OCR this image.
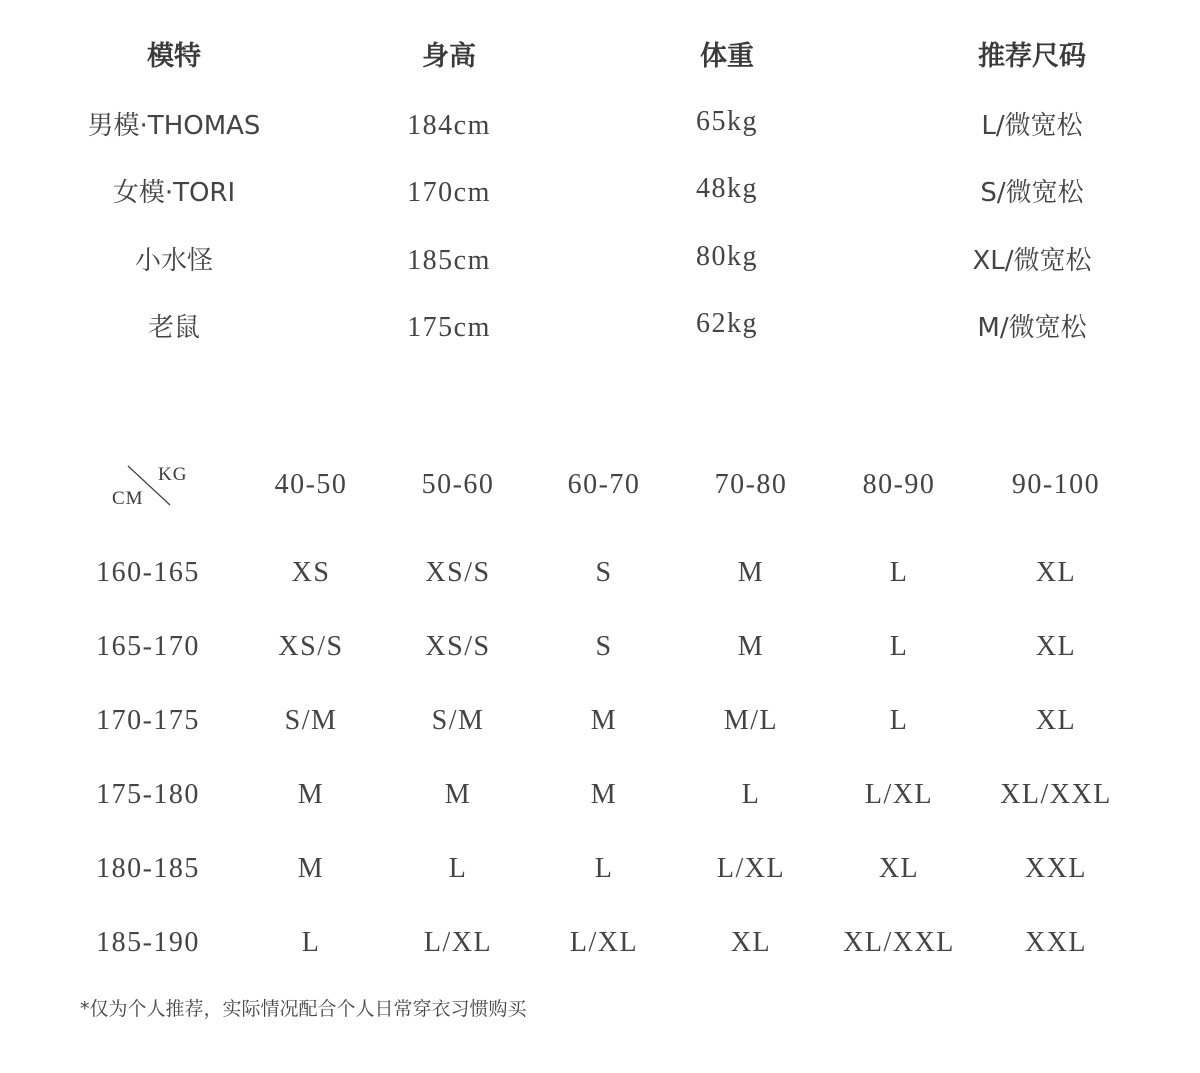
模特	身高	体重	推荐尺码
男模·THOMAS	184cm	65kg	L/微宽松
女模·TORI	170cm	48kg	S/微宽松
小水怪	185cm	80kg	XL/微宽松
老鼠	175cm	62kg	M/微宽松
KG
CM	40-50	50-60	60-70	70-80	80-90	90-100
160-165	XS	XS/S	S	M	L	XL
165-170	XS/S	XS/S	S	M	L	XL
170-175	S/M	S/M	M	M/L	L	XL
175-180	M	M	M	L	L/XL	XL/XXL
180-185	M	L	L	L/XL	XL	XXL
185-190	L	L/XL	L/XL	XL	XL/XXL	XXL
*仅为个人推荐，实际情况配合个人日常穿衣习惯购买
